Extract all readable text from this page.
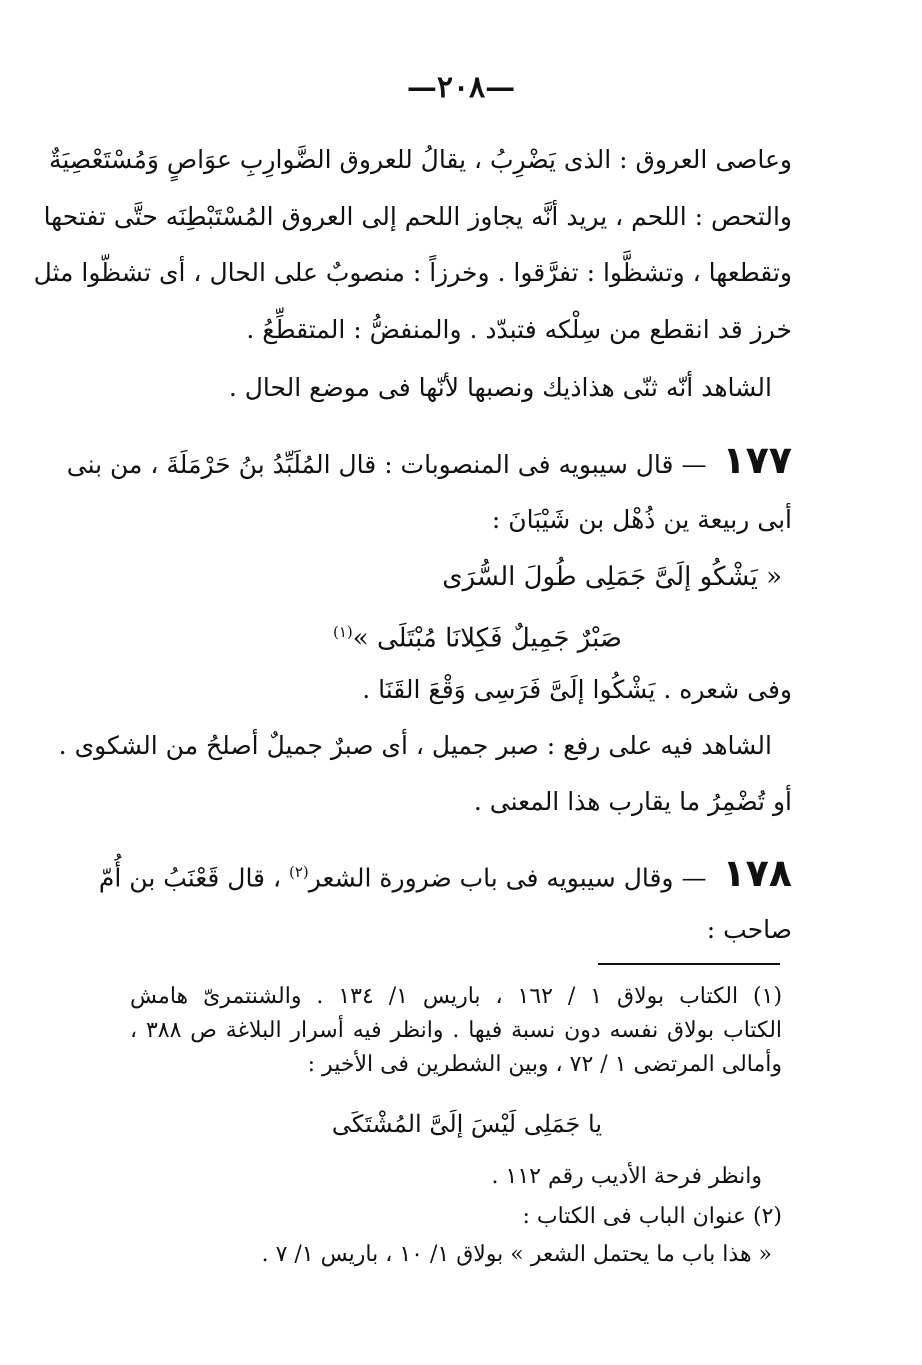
—٢٠٨—
وعاصى العروق : الذى يَضْرِبُ ، يقالُ للعروق الضَّوارِبِ عوَاصٍ وَمُسْتَعْصِيَةٌ
والتحص : اللحم ، يريد أنَّه يجاوز اللحم إلى العروق المُسْتَبْطِنَه حتَّى تفتحها
وتقطعها ، وتشظَّوا : تفرَّقوا . وخرزاً : منصوبٌ على الحال ، أى تشظّوا مثل
خرز قد انقطع من سِلْكه فتبدّد . والمنفضُّ : المتقطِّعُ .
الشاهد أنّه ثنّى هذاذيك ونصبها لأنّها فى موضع الحال .
١٧٧ — قال سيبويه فى المنصوبات : قال المُلَبِّدُ بنُ حَرْمَلَةَ ، من بنى
أبى ربيعة ين ذُهْل بن شَيْبَانَ :
« يَشْكُو إلَىَّ جَمَلِى طُولَ السُّرَى
صَبْرٌ جَمِيلٌ فَكِلانَا مُبْتَلَى »$^{(١)}$
وفى شعره . يَشْكُوا إلَىَّ فَرَسِى وَقْعَ القَنَا .
الشاهد فيه على رفع : صبر جميل ، أى صبرٌ جميلٌ أصلحُ من الشكوى .
أو تُضْمِرُ ما يقارب هذا المعنى .
١٧٨ — وقال سيبويه فى باب ضرورة الشعر$^{(٢)}$ ، قال قَعْنَبُ بن أُمّ
صاحب :
(١) الكتاب بولاق ١ / ١٦٢ ، باريس ١/ ١٣٤ . والشنتمرىّ هامش
الكتاب بولاق نفسه دون نسبة فيها . وانظر فيه أسرار البلاغة ص ٣٨٨ ،
وأمالى المرتضى ١ / ٧٢ ، وبين الشطرين فى الأخير :
يا جَمَلِى لَيْسَ إلَىَّ المُشْتَكَى
وانظر فرحة الأديب رقم ١١٢ .
(٢) عنوان الباب فى الكتاب :
« هذا باب ما يحتمل الشعر » بولاق ١/ ١٠ ، باريس ١/ ٧ .
